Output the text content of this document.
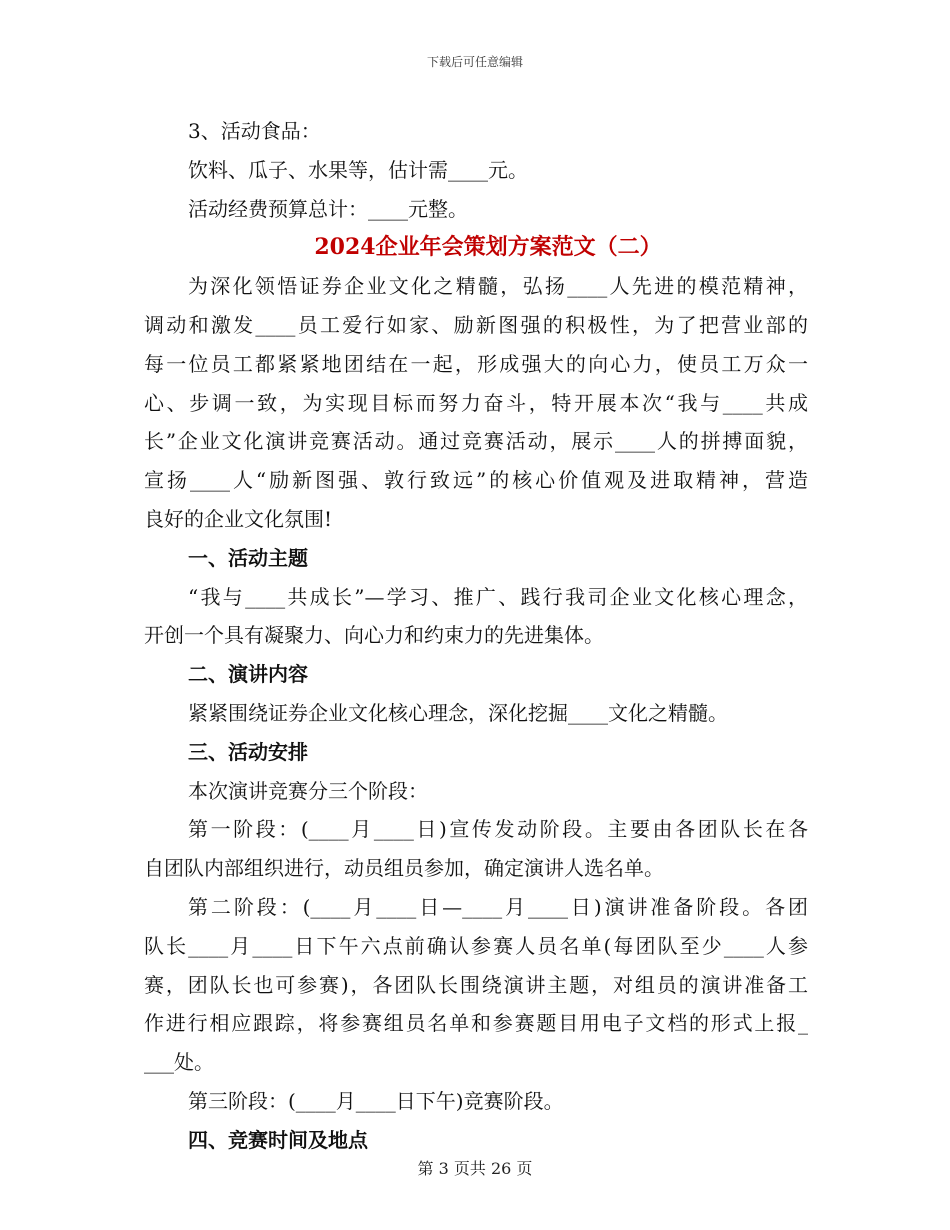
下载后可任意编辑
3、活动食品：
饮料、瓜子、水果等，估计需____元。
活动经费预算总计：____元整。
2024企业年会策划方案范文（二）
为深化领悟证券企业文化之精髓，弘扬____人先进的模范精神，
调动和激发____员工爱行如家、励新图强的积极性，为了把营业部的
每一位员工都紧紧地团结在一起，形成强大的向心力，使员工万众一
心、步调一致，为实现目标而努力奋斗，特开展本次“我与____共成
长”企业文化演讲竞赛活动。通过竞赛活动，展示____人的拼搏面貌，
宣扬____人“励新图强、敦行致远”的核心价值观及进取精神，营造
良好的企业文化氛围!
一、活动主题
“我与____共成长”—学习、推广、践行我司企业文化核心理念，
开创一个具有凝聚力、向心力和约束力的先进集体。
二、演讲内容
紧紧围绕证券企业文化核心理念，深化挖掘____文化之精髓。
三、活动安排
本次演讲竞赛分三个阶段：
第一阶段：(____月____日)宣传发动阶段。主要由各团队长在各
自团队内部组织进行，动员组员参加，确定演讲人选名单。
第二阶段：(____月____日—____月____日)演讲准备阶段。各团
队长____月____日下午六点前确认参赛人员名单(每团队至少____人参
赛，团队长也可参赛)，各团队长围绕演讲主题，对组员的演讲准备工
作进行相应跟踪，将参赛组员名单和参赛题目用电子文档的形式上报_
___处。
第三阶段：(____月____日下午)竞赛阶段。
四、竞赛时间及地点
第 3 页共 26 页
